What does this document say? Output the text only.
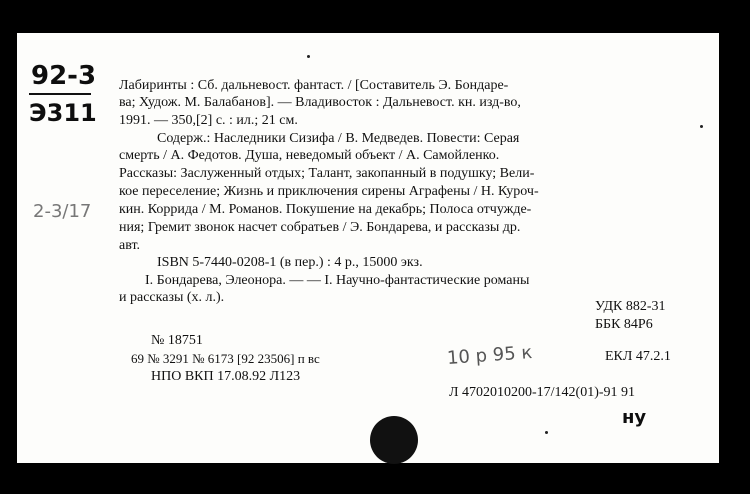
92-3
Э311
2-3/17
Лабиринты : Сб. дальневост. фантаст. / [Составитель Э. Бондаре-
ва; Худож. М. Балабанов]. — Владивосток : Дальневост. кн. изд-во,
1991. — 350,[2] с. : ил.; 21 см.
Содерж.: Наследники Сизифа / В. Медведев. Повести: Серая
смерть / А. Федотов. Душа, неведомый объект / А. Самойленко.
Рассказы: Заслуженный отдых; Талант, закопанный в подушку; Вели-
кое переселение; Жизнь и приключения сирены Аграфены / Н. Куроч-
кин. Коррида / М. Романов. Покушение на декабрь; Полоса отчужде-
ния; Гремит звонок насчет собратьев / Э. Бондарева, и рассказы др.
авт.
ISBN 5-7440-0208-1 (в пер.) : 4 р., 15000 экз.
I. Бондарева, Элеонора. — — I. Научно-фантастические романы
и рассказы (х. л.).
УДК 882-31
ББК 84Р6
№ 18751
69 № 3291 № 6173 [92 23506] п вс
НПО ВКП 17.08.92 Л123
ЕКЛ 47.2.1
Л 4702010200-17/142(01)-91 91
10 р 95 к
ну
